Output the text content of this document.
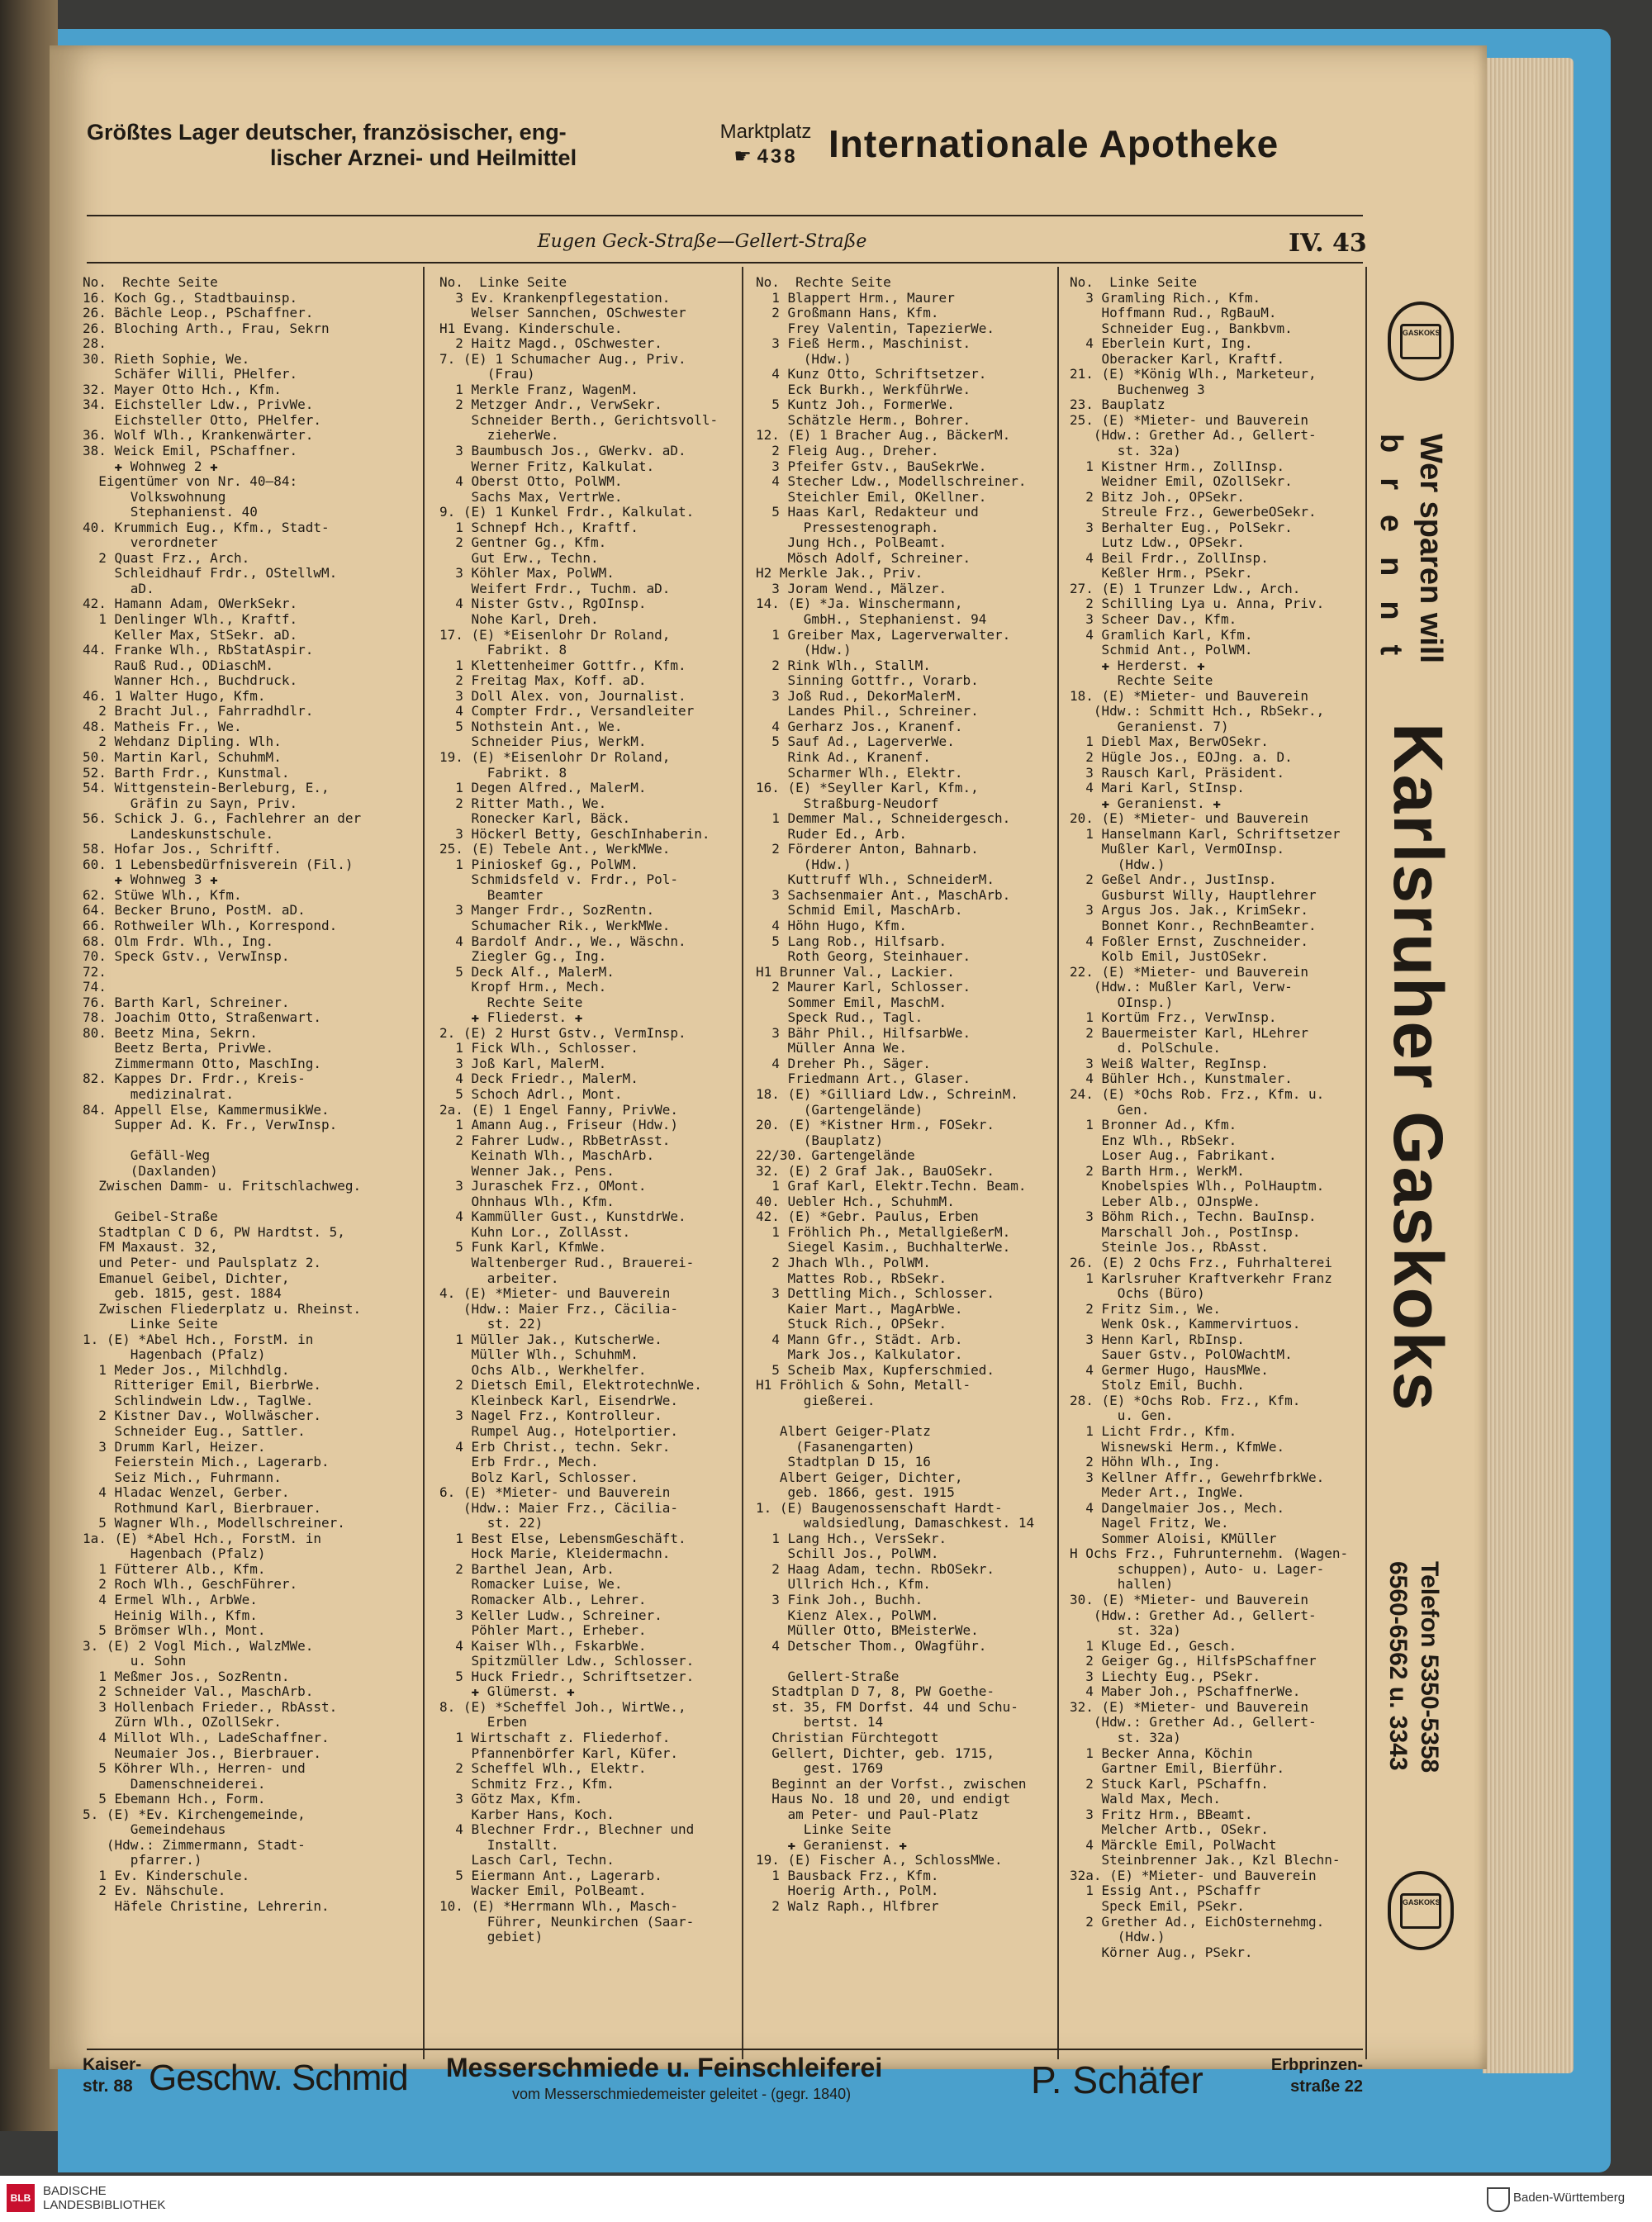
Größtes Lager deutscher, französischer, eng-
lischer Arznei- und Heilmittel
Marktplatz
☛ 438 Internationale Apotheke
Eugen Geck-Straße—Gellert-Straße	IV. 43
No.  Rechte Seite
16. Koch Gg., Stadtbauinsp.
26. Bächle Leop., PSchaffner.
26. Bloching Arth., Frau, Sekrn
28.
30. Rieth Sophie, We.
Schäfer Willi, PHelfer.
32. Mayer Otto Hch., Kfm.
34. Eichsteller Ldw., PrivWe.
Eichsteller Otto, PHelfer.
36. Wolf Wlh., Krankenwärter.
38. Weick Emil, PSchaffner.
✚ Wohnweg 2 ✚
Eigentümer von Nr. 40—84:
Volkswohnung
Stephanienst. 40
40. Krummich Eug., Kfm., Stadt-
verordneter
2 Quast Frz., Arch.
Schleidhauf Frdr., OStellwM.
aD.
42. Hamann Adam, OWerkSekr.
1 Denlinger Wlh., Kraftf.
Keller Max, StSekr. aD.
44. Franke Wlh., RbStatAspir.
Rauß Rud., ODiaschM.
Wanner Hch., Buchdruck.
46. 1 Walter Hugo, Kfm.
2 Bracht Jul., Fahrradhdlr.
48. Matheis Fr., We.
2 Wehdanz Dipling. Wlh.
50. Martin Karl, SchuhmM.
52. Barth Frdr., Kunstmal.
54. Wittgenstein-Berleburg, E.,
Gräfin zu Sayn, Priv.
56. Schick J. G., Fachlehrer an der
Landeskunstschule.
58. Hofar Jos., Schriftf.
60. 1 Lebensbedürfnisverein (Fil.)
✚ Wohnweg 3 ✚
62. Stüwe Wlh., Kfm.
64. Becker Bruno, PostM. aD.
66. Rothweiler Wlh., Korrespond.
68. Olm Frdr. Wlh., Ing.
70. Speck Gstv., VerwInsp.
72.
74.
76. Barth Karl, Schreiner.
78. Joachim Otto, Straßenwart.
80. Beetz Mina, Sekrn.
Beetz Berta, PrivWe.
Zimmermann Otto, MaschIng.
82. Kappes Dr. Frdr., Kreis-
medizinalrat.
84. Appell Else, KammermusikWe.
Supper Ad. K. Fr., VerwInsp.
Gefäll-Weg
(Daxlanden)
Zwischen Damm- u. Fritschlachweg.
Geibel-Straße
Stadtplan C D 6, PW Hardtst. 5,
FM Maxaust. 32,
und Peter- und Paulsplatz 2.
Emanuel Geibel, Dichter,
geb. 1815, gest. 1884
Zwischen Fliederplatz u. Rheinst.
Linke Seite
1. (E) *Abel Hch., ForstM. in
Hagenbach (Pfalz)
1 Meder Jos., Milchhdlg.
Ritteriger Emil, BierbrWe.
Schlindwein Ldw., TaglWe.
2 Kistner Dav., Wollwäscher.
Schneider Eug., Sattler.
3 Drumm Karl, Heizer.
Feierstein Mich., Lagerarb.
Seiz Mich., Fuhrmann.
4 Hladac Wenzel, Gerber.
Rothmund Karl, Bierbrauer.
5 Wagner Wlh., Modellschreiner.
1a. (E) *Abel Hch., ForstM. in
Hagenbach (Pfalz)
1 Fütterer Alb., Kfm.
2 Roch Wlh., GeschFührer.
4 Ermel Wlh., ArbWe.
Heinig Wilh., Kfm.
5 Brömser Wlh., Mont.
3. (E) 2 Vogl Mich., WalzMWe.
u. Sohn
1 Meßmer Jos., SozRentn.
2 Schneider Val., MaschArb.
3 Hollenbach Frieder., RbAsst.
Zürn Wlh., OZollSekr.
4 Millot Wlh., LadeSchaffner.
Neumaier Jos., Bierbrauer.
5 Köhrer Wlh., Herren- und
Damenschneiderei.
5 Ebemann Hch., Form.
5. (E) *Ev. Kirchengemeinde,
Gemeindehaus
(Hdw.: Zimmermann, Stadt-
pfarrer.)
1 Ev. Kinderschule.
2 Ev. Nähschule.
Häfele Christine, Lehrerin.
No.  Linke Seite
3 Ev. Krankenpflegestation.
Welser Sannchen, OSchwester
H1 Evang. Kinderschule.
2 Haitz Magd., OSchwester.
7. (E) 1 Schumacher Aug., Priv.
(Frau)
1 Merkle Franz, WagenM.
2 Metzger Andr., VerwSekr.
Schneider Berth., Gerichtsvoll-
zieherWe.
3 Baumbusch Jos., GWerkv. aD.
Werner Fritz, Kalkulat.
4 Oberst Otto, PolWM.
Sachs Max, VertrWe.
9. (E) 1 Kunkel Frdr., Kalkulat.
1 Schnepf Hch., Kraftf.
2 Gentner Gg., Kfm.
Gut Erw., Techn.
3 Köhler Max, PolWM.
Weifert Frdr., Tuchm. aD.
4 Nister Gstv., RgOInsp.
Nohe Karl, Dreh.
17. (E) *Eisenlohr Dr Roland,
Fabrikt. 8
1 Klettenheimer Gottfr., Kfm.
2 Freitag Max, Koff. aD.
3 Doll Alex. von, Journalist.
4 Compter Frdr., Versandleiter
5 Nothstein Ant., We.
Schneider Pius, WerkM.
19. (E) *Eisenlohr Dr Roland,
Fabrikt. 8
1 Degen Alfred., MalerM.
2 Ritter Math., We.
Ronecker Karl, Bäck.
3 Höckerl Betty, GeschInhaberin.
25. (E) Tebele Ant., WerkMWe.
1 Pinioskef Gg., PolWM.
Schmidsfeld v. Frdr., Pol-
Beamter
3 Manger Frdr., SozRentn.
Schumacher Rik., WerkMWe.
4 Bardolf Andr., We., Wäschn.
Ziegler Gg., Ing.
5 Deck Alf., MalerM.
Kropf Hrm., Mech.
Rechte Seite
✚ Fliederst. ✚
2. (E) 2 Hurst Gstv., VermInsp.
1 Fick Wlh., Schlosser.
3 Joß Karl, MalerM.
4 Deck Friedr., MalerM.
5 Schoch Adrl., Mont.
2a. (E) 1 Engel Fanny, PrivWe.
1 Amann Aug., Friseur (Hdw.)
2 Fahrer Ludw., RbBetrAsst.
Keinath Wlh., MaschArb.
Wenner Jak., Pens.
3 Juraschek Frz., OMont.
Ohnhaus Wlh., Kfm.
4 Kammüller Gust., KunstdrWe.
Kuhn Lor., ZollAsst.
5 Funk Karl, KfmWe.
Waltenberger Rud., Brauerei-
arbeiter.
4. (E) *Mieter- und Bauverein
(Hdw.: Maier Frz., Cäcilia-
st. 22)
1 Müller Jak., KutscherWe.
Müller Wlh., SchuhmM.
Ochs Alb., Werkhelfer.
2 Dietsch Emil, ElektrotechnWe.
Kleinbeck Karl, EisendrWe.
3 Nagel Frz., Kontrolleur.
Rumpel Aug., Hotelportier.
4 Erb Christ., techn. Sekr.
Erb Frdr., Mech.
Bolz Karl, Schlosser.
6. (E) *Mieter- und Bauverein
(Hdw.: Maier Frz., Cäcilia-
st. 22)
1 Best Else, LebensmGeschäft.
Hock Marie, Kleidermachn.
2 Barthel Jean, Arb.
Romacker Luise, We.
Romacker Alb., Lehrer.
3 Keller Ludw., Schreiner.
Pöhler Mart., Erheber.
4 Kaiser Wlh., FskarbWe.
Spitzmüller Ldw., Schlosser.
5 Huck Friedr., Schriftsetzer.
✚ Glümerst. ✚
8. (E) *Scheffel Joh., WirtWe.,
Erben
1 Wirtschaft z. Fliederhof.
Pfannenbörfer Karl, Küfer.
2 Scheffel Wlh., Elektr.
Schmitz Frz., Kfm.
3 Götz Max, Kfm.
Karber Hans, Koch.
4 Blechner Frdr., Blechner und
Installt.
Lasch Carl, Techn.
5 Eiermann Ant., Lagerarb.
Wacker Emil, PolBeamt.
10. (E) *Herrmann Wlh., Masch-
Führer, Neunkirchen (Saar-
gebiet)
No.  Rechte Seite
1 Blappert Hrm., Maurer
2 Großmann Hans, Kfm.
Frey Valentin, TapezierWe.
3 Fieß Herm., Maschinist.
(Hdw.)
4 Kunz Otto, Schriftsetzer.
Eck Burkh., WerkführWe.
5 Kuntz Joh., FormerWe.
Schätzle Herm., Bohrer.
12. (E) 1 Bracher Aug., BäckerM.
2 Fleig Aug., Dreher.
3 Pfeifer Gstv., BauSekrWe.
4 Stecher Ldw., Modellschreiner.
Steichler Emil, OKellner.
5 Haas Karl, Redakteur und
Pressestenograph.
Jung Hch., PolBeamt.
Mösch Adolf, Schreiner.
H2 Merkle Jak., Priv.
3 Joram Wend., Mälzer.
14. (E) *Ja. Winschermann,
GmbH., Stephanienst. 94
1 Greiber Max, Lagerverwalter.
(Hdw.)
2 Rink Wlh., StallM.
Sinning Gottfr., Vorarb.
3 Joß Rud., DekorMalerM.
Landes Phil., Schreiner.
4 Gerharz Jos., Kranenf.
5 Sauf Ad., LagerverWe.
Rink Ad., Kranenf.
Scharmer Wlh., Elektr.
16. (E) *Seyller Karl, Kfm.,
Straßburg-Neudorf
1 Demmer Mal., Schneidergesch.
Ruder Ed., Arb.
2 Förderer Anton, Bahnarb.
(Hdw.)
Kuttruff Wlh., SchneiderM.
3 Sachsenmaier Ant., MaschArb.
Schmid Emil, MaschArb.
4 Höhn Hugo, Kfm.
5 Lang Rob., Hilfsarb.
Roth Georg, Steinhauer.
H1 Brunner Val., Lackier.
2 Maurer Karl, Schlosser.
Sommer Emil, MaschM.
Speck Rud., Tagl.
3 Bähr Phil., HilfsarbWe.
Müller Anna We.
4 Dreher Ph., Säger.
Friedmann Art., Glaser.
18. (E) *Gilliard Ldw., SchreinM.
(Gartengelände)
20. (E) *Kistner Hrm., FOSekr.
(Bauplatz)
22/30. Gartengelände
32. (E) 2 Graf Jak., BauOSekr.
1 Graf Karl, Elektr.Techn. Beam.
40. Uebler Hch., SchuhmM.
42. (E) *Gebr. Paulus, Erben
1 Fröhlich Ph., MetallgießerM.
Siegel Kasim., BuchhalterWe.
2 Jhach Wlh., PolWM.
Mattes Rob., RbSekr.
3 Dettling Mich., Schlosser.
Kaier Mart., MagArbWe.
Stuck Rich., OPSekr.
4 Mann Gfr., Städt. Arb.
Mark Jos., Kalkulator.
5 Scheib Max, Kupferschmied.
H1 Fröhlich & Sohn, Metall-
gießerei.
Albert Geiger-Platz
(Fasanengarten)
Stadtplan D 15, 16
Albert Geiger, Dichter,
geb. 1866, gest. 1915
1. (E) Baugenossenschaft Hardt-
waldsiedlung, Damaschkest. 14
1 Lang Hch., VersSekr.
Schill Jos., PolWM.
2 Haag Adam, techn. RbOSekr.
Ullrich Hch., Kfm.
3 Fink Joh., Buchh.
Kienz Alex., PolWM.
Müller Otto, BMeisterWe.
4 Detscher Thom., OWagführ.
Gellert-Straße
Stadtplan D 7, 8, PW Goethe-
st. 35, FM Dorfst. 44 und Schu-
bertst. 14
Christian Fürchtegott
Gellert, Dichter, geb. 1715,
gest. 1769
Beginnt an der Vorfst., zwischen
Haus No. 18 und 20, und endigt
am Peter- und Paul-Platz
Linke Seite
✚ Geranienst. ✚
19. (E) Fischer A., SchlossMWe.
1 Bausback Frz., Kfm.
Hoerig Arth., PolM.
2 Walz Raph., Hlfbrer
No.  Linke Seite
3 Gramling Rich., Kfm.
Hoffmann Rud., RgBauM.
Schneider Eug., Bankbvm.
4 Eberlein Kurt, Ing.
Oberacker Karl, Kraftf.
21. (E) *König Wlh., Marketeur,
Buchenweg 3
23. Bauplatz
25. (E) *Mieter- und Bauverein
(Hdw.: Grether Ad., Gellert-
st. 32a)
1 Kistner Hrm., ZollInsp.
Weidner Emil, OZollSekr.
2 Bitz Joh., OPSekr.
Streule Frz., GewerbeOSekr.
3 Berhalter Eug., PolSekr.
Lutz Ldw., OPSekr.
4 Beil Frdr., ZollInsp.
Keßler Hrm., PSekr.
27. (E) 1 Trunzer Ldw., Arch.
2 Schilling Lya u. Anna, Priv.
3 Scheer Dav., Kfm.
4 Gramlich Karl, Kfm.
Schmid Ant., PolWM.
✚ Herderst. ✚
Rechte Seite
18. (E) *Mieter- und Bauverein
(Hdw.: Schmitt Hch., RbSekr.,
Geranienst. 7)
1 Diebl Max, BerwOSekr.
2 Hügle Jos., EOJng. a. D.
3 Rausch Karl, Präsident.
4 Mari Karl, StInsp.
✚ Geranienst. ✚
20. (E) *Mieter- und Bauverein
1 Hanselmann Karl, Schriftsetzer
Mußler Karl, VermOInsp.
(Hdw.)
2 Geßel Andr., JustInsp.
Gusburst Willy, Hauptlehrer
3 Argus Jos. Jak., KrimSekr.
Bonnet Konr., RechnBeamter.
4 Foßler Ernst, Zuschneider.
Kolb Emil, JustOSekr.
22. (E) *Mieter- und Bauverein
(Hdw.: Mußler Karl, Verw-
OInsp.)
1 Kortüm Frz., VerwInsp.
2 Bauermeister Karl, HLehrer
d. PolSchule.
3 Weiß Walter, RegInsp.
4 Bühler Hch., Kunstmaler.
24. (E) *Ochs Rob. Frz., Kfm. u.
Gen.
1 Bronner Ad., Kfm.
Enz Wlh., RbSekr.
Loser Aug., Fabrikant.
2 Barth Hrm., WerkM.
Knobelspies Wlh., PolHauptm.
Leber Alb., OJnspWe.
3 Böhm Rich., Techn. BauInsp.
Marschall Joh., PostInsp.
Steinle Jos., RbAsst.
26. (E) 2 Ochs Frz., Fuhrhalterei
1 Karlsruher Kraftverkehr Franz
Ochs (Büro)
2 Fritz Sim., We.
Wenk Osk., Kammervirtuos.
3 Henn Karl, RbInsp.
Sauer Gstv., PolOWachtM.
4 Germer Hugo, HausMWe.
Stolz Emil, Buchh.
28. (E) *Ochs Rob. Frz., Kfm.
u. Gen.
1 Licht Frdr., Kfm.
Wisnewski Herm., KfmWe.
2 Höhn Wlh., Ing.
3 Kellner Affr., GewehrfbrkWe.
Meder Art., IngWe.
4 Dangelmaier Jos., Mech.
Nagel Fritz, We.
Sommer Aloisi, KMüller
H Ochs Frz., Fuhrunternehm. (Wagen-
schuppen), Auto- u. Lager-
hallen)
30. (E) *Mieter- und Bauverein
(Hdw.: Grether Ad., Gellert-
st. 32a)
1 Kluge Ed., Gesch.
2 Geiger Gg., HilfsPSchaffner
3 Liechty Eug., PSekr.
4 Maber Joh., PSchaffnerWe.
32. (E) *Mieter- und Bauverein
(Hdw.: Grether Ad., Gellert-
st. 32a)
1 Becker Anna, Köchin
Gartner Emil, Bierführ.
2 Stuck Karl, PSchaffn.
Wald Max, Mech.
3 Fritz Hrm., BBeamt.
Melcher Artb., OSekr.
4 Märckle Emil, PolWacht
Steinbrenner Jak., Kzl Blechn-
32a. (E) *Mieter- und Bauverein
1 Essig Ant., PSchaffr
Speck Emil, PSekr.
2 Grether Ad., EichOsternehmg.
(Hdw.)
Körner Aug., PSekr.
GASKOKS
Wer sparen will
brennt
Karlsruher Gaskoks
Telefon 5350-5358
6560-6562 u. 3343
GASKOKS
Kaiser-
str. 88 Geschw. Schmid Messerschmiede u. Feinschleiferei
vom Messerschmiedemeister geleitet - (gegr. 1840)	P. Schäfer	Erbprinzen-
straße 22
BLB BADISCHE
LANDESBIBLIOTHEK
Baden-Württemberg
